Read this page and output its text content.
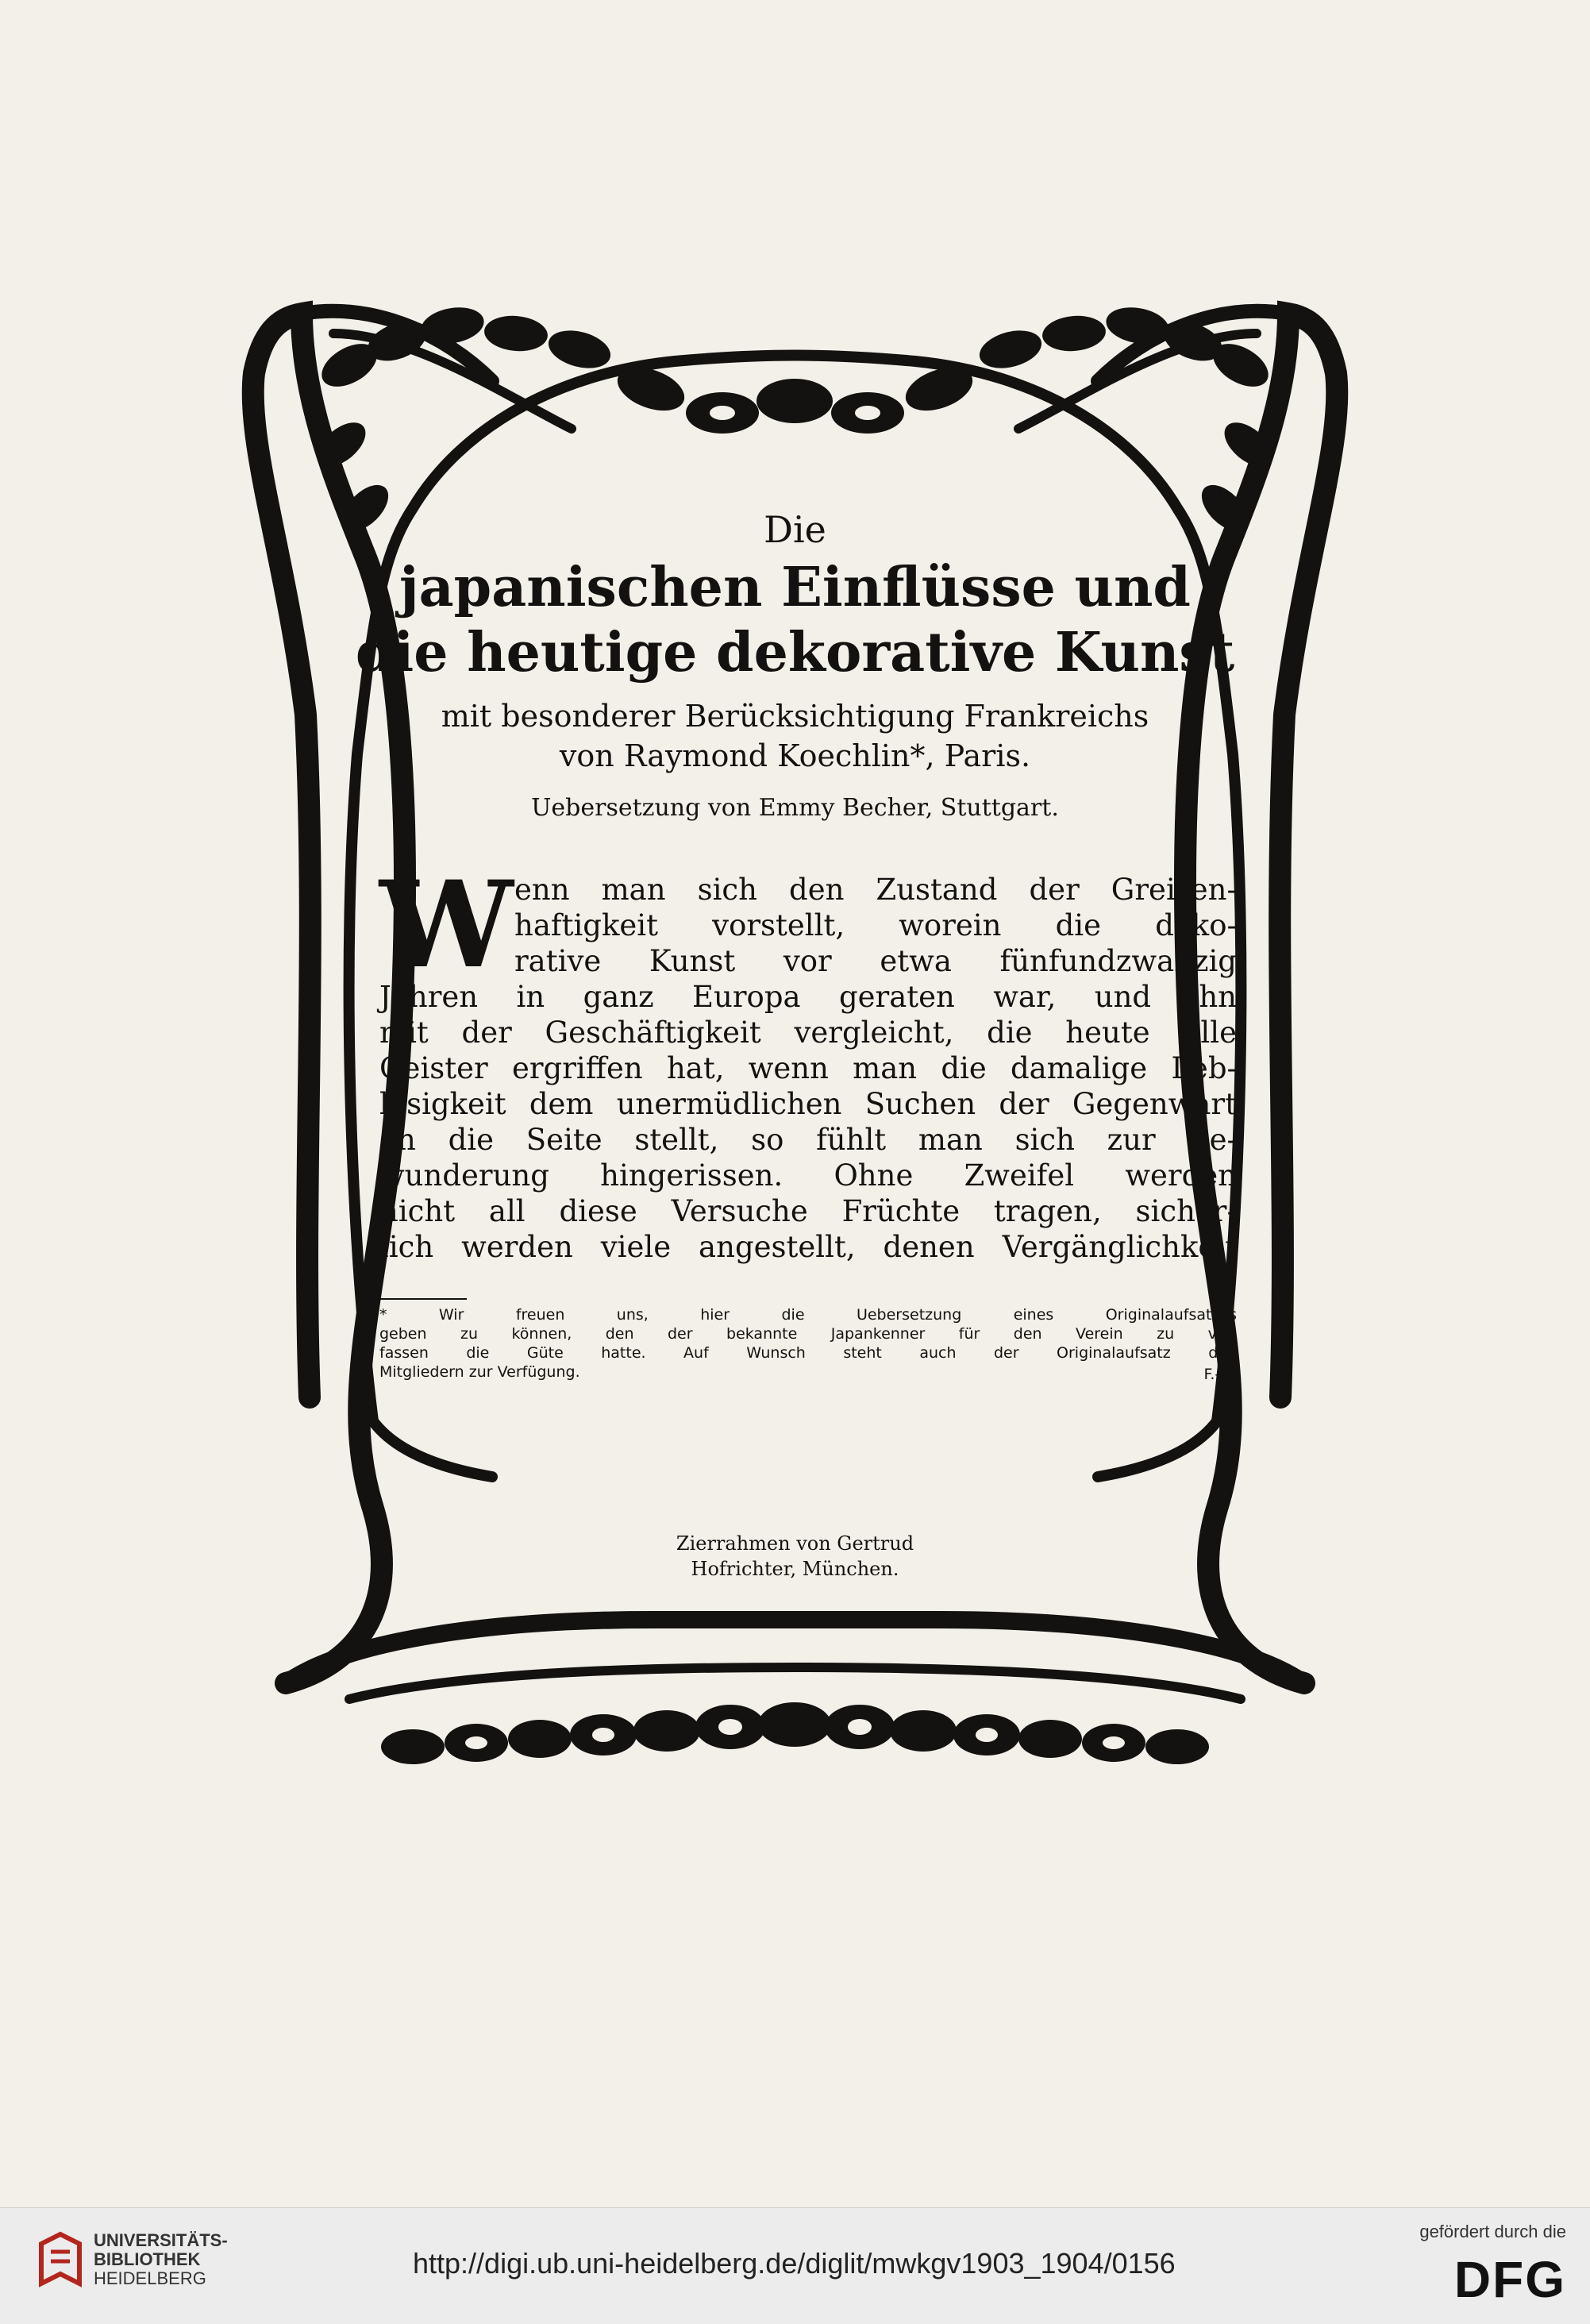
Die
japanischen Einflüsse und
die heutige dekorative Kunst
mit besonderer Berücksichtigung Frankreichs
von Raymond Koechlin*, Paris.
Uebersetzung von Emmy Becher, Stuttgart.
W enn man sich den Zustand der Greisen-
haftigkeit vorstellt, worein die deko-
rative Kunst vor etwa fünfundzwanzig
Jahren in ganz Europa geraten war, und ihn
mit der Geschäftigkeit vergleicht, die heute alle
Geister ergriffen hat, wenn man die damalige Leb-
losigkeit dem unermüdlichen Suchen der Gegenwart
an die Seite stellt, so fühlt man sich zur Be-
wunderung hingerissen. Ohne Zweifel werden
nicht all diese Versuche Früchte tragen, sicher-
lich werden viele angestellt, denen Vergänglichkeit
* Wir freuen uns, hier die Uebersetzung eines Originalaufsatzes
geben zu können, den der bekannte Japankenner für den Verein zu ver-
fassen die Güte hatte. Auf Wunsch steht auch der Originalaufsatz den
Mitgliedern zur Verfügung.	F.-O.
Zierrahmen von Gertrud
Hofrichter, München.
UNIVERSITÄTS-
BIBLIOTHEK
HEIDELBERG	http://digi.ub.uni-heidelberg.de/diglit/mwkgv1903_1904/0156
gefördert durch die
DFG
